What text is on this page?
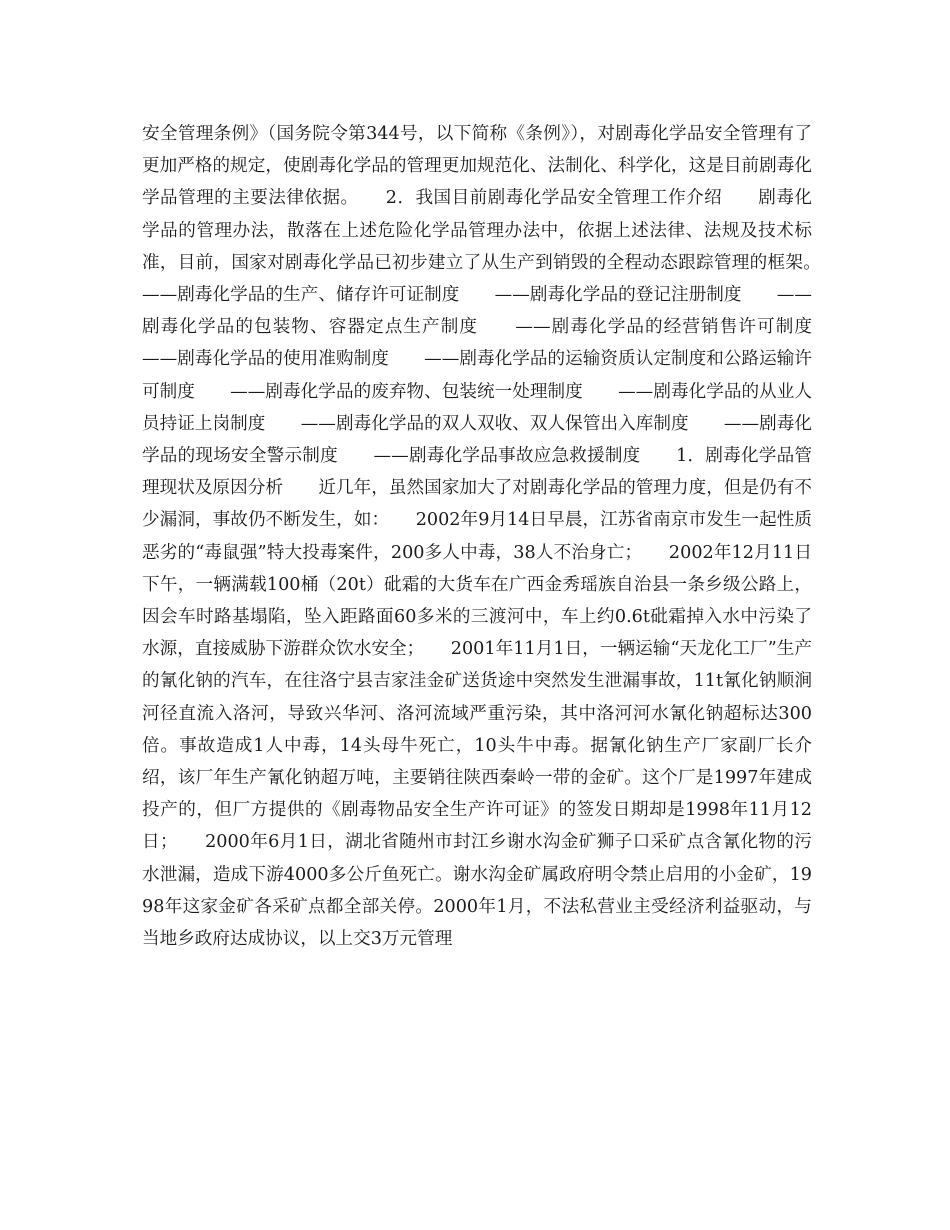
安全管理条例》（国务院令第344号，以下简称《条例》），对剧毒化学品安全管理有了更加严格的规定，使剧毒化学品的管理更加规范化、法制化、科学化，这是目前剧毒化学品管理的主要法律依据。　　2．我国目前剧毒化学品安全管理工作介绍　　剧毒化学品的管理办法，散落在上述危险化学品管理办法中，依据上述法律、法规及技术标准，目前，国家对剧毒化学品已初步建立了从生产到销毁的全程动态跟踪管理的框架。　　——剧毒化学品的生产、储存许可证制度　　——剧毒化学品的登记注册制度　　——剧毒化学品的包装物、容器定点生产制度　　——剧毒化学品的经营销售许可制度　　——剧毒化学品的使用准购制度　　——剧毒化学品的运输资质认定制度和公路运输许可制度　　——剧毒化学品的废弃物、包装统一处理制度　　——剧毒化学品的从业人员持证上岗制度　　——剧毒化学品的双人双收、双人保管出入库制度　　——剧毒化学品的现场安全警示制度　　——剧毒化学品事故应急救援制度　　1．剧毒化学品管理现状及原因分析　　近几年，虽然国家加大了对剧毒化学品的管理力度，但是仍有不少漏洞，事故仍不断发生，如：　　2002年9月14日早晨，江苏省南京市发生一起性质恶劣的“毒鼠强”特大投毒案件，200多人中毒，38人不治身亡；　　2002年12月11日下午，一辆满载100桶（20t）砒霜的大货车在广西金秀瑶族自治县一条乡级公路上，因会车时路基塌陷，坠入距路面60多米的三渡河中，车上约0.6t砒霜掉入水中污染了水源，直接威胁下游群众饮水安全；　　2001年11月1日，一辆运输“天龙化工厂”生产的氰化钠的汽车，在往洛宁县吉家洼金矿送货途中突然发生泄漏事故，11t氰化钠顺涧河径直流入洛河，导致兴华河、洛河流域严重污染，其中洛河河水氰化钠超标达300倍。事故造成1人中毒，14头母牛死亡，10头牛中毒。据氰化钠生产厂家副厂长介绍，该厂年生产氰化钠超万吨，主要销往陕西秦岭一带的金矿。这个厂是1997年建成投产的，但厂方提供的《剧毒物品安全生产许可证》的签发日期却是1998年11月12日；　　2000年6月1日，湖北省随州市封江乡谢水沟金矿狮子口采矿点含氰化物的污水泄漏，造成下游4000多公斤鱼死亡。谢水沟金矿属政府明令禁止启用的小金矿，1998年这家金矿各采矿点都全部关停。2000年1月，不法私营业主受经济利益驱动，与当地乡政府达成协议，以上交3万元管理
